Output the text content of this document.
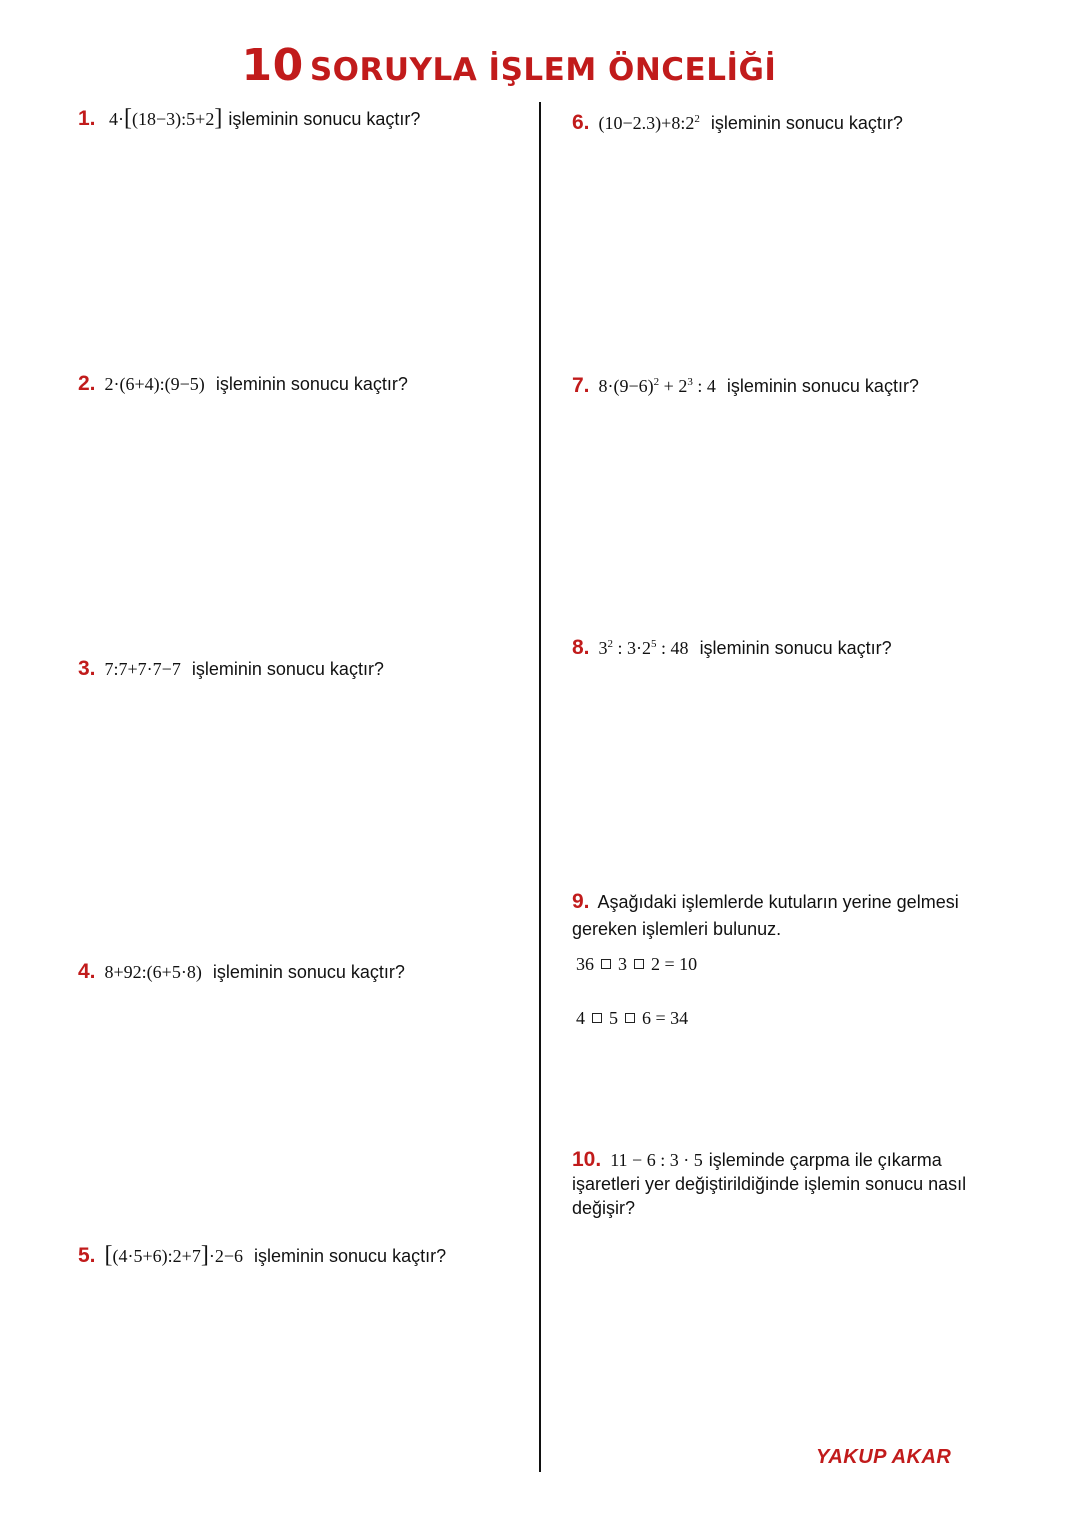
10 SORUYLA İŞLEM ÖNCELİĞİ
1.  4·[(18−3):5+2] işleminin sonucu kaçtır?
2. 2·(6+4):(9−5) işleminin sonucu kaçtır?
3. 7:7+7·7−7 işleminin sonucu kaçtır?
4. 8+92:(6+5·8) işleminin sonucu kaçtır?
5. [(4·5+6):2+7]·2−6 işleminin sonucu kaçtır?
6. $(10-2.3)+8:2^2$ işleminin sonucu kaçtır?
7. $8\cdot(9-6)^2 + 2^3$ : 4 işleminin sonucu kaçtır?
8. $3^2$ : $3\cdot 2^5$ : 48 işleminin sonucu kaçtır?
9. Aşağıdaki işlemlerde kutuların yerine gelmesi
gereken işlemleri bulunuz.
36 3 2 = 10
4 5 6 = 34
10. 11 − 6 : 3 · 5 işleminde çarpma ile çıkarma
işaretleri yer değiştirildiğinde işlemin sonucu nasıl
değişir?
YAKUP AKAR
